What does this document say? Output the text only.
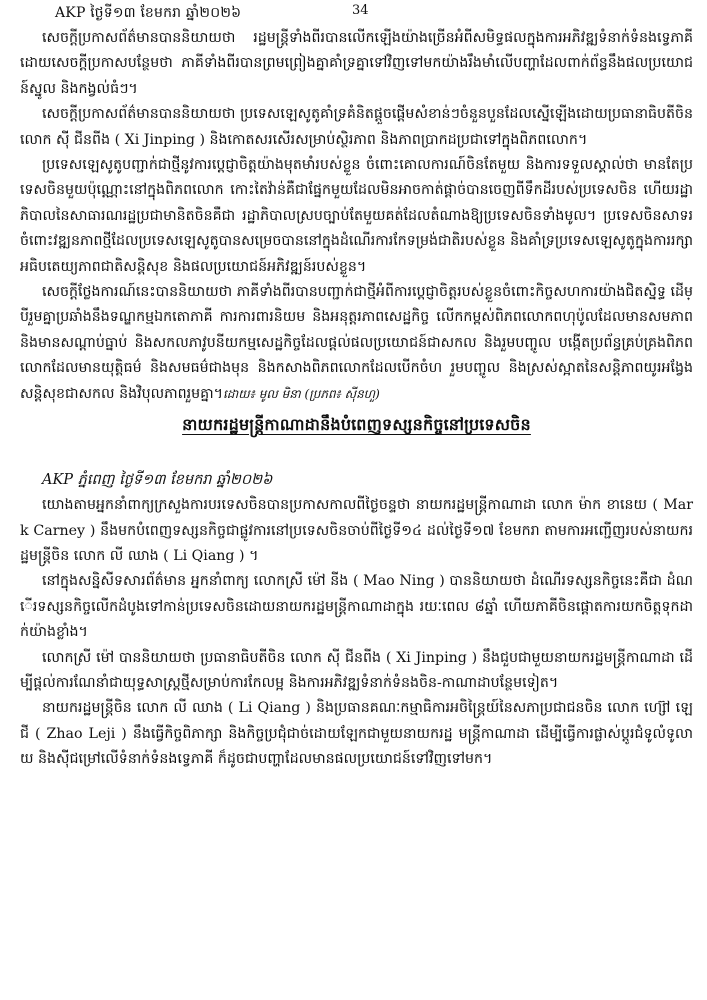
AKP ថ្ងៃទី១៣ ខែមករា ឆ្នាំ២០២៦	34

សេចក្តីប្រកាសព័ត៌មានបាននិយាយថា រដ្ឋមន្ត្រីទាំងពីរបានលើកឡើងយ៉ាងច្រើនអំពីសមិទ្ធផលក្នុងការអភិវឌ្ឍទំនាក់ទំនងទ្វេភាគី ដោយសេចក្តីប្រកាសបន្ថែមថា ភាគីទាំងពីរបានព្រមព្រៀងគ្នាគាំទ្រគ្នាទៅវិញទៅមកយ៉ាងរឹងមាំលើបញ្ហាដែលពាក់ព័ន្ធនឹងផលប្រយោជន៍ស្នូល និងកង្វល់ធំៗ។

សេចក្តីប្រកាសព័ត៌មានបាននិយាយថា ប្រទេសឡេសូតូគាំទ្រគំនិតផ្តួចផ្តើមសំខាន់ៗចំនួនបួនដែលស្នើឡើងដោយប្រធានាធិបតីចិន លោក ស៊ី ជីនពីង ( Xi Jinping ) និងកោតសរសើរសម្រាប់ស្ថិរភាព និងភាពប្រាកដប្រជាទៅក្នុងពិភពលោក។

ប្រទេសឡេសូតូបញ្ជាក់ជាថ្មីនូវការប្តេជ្ញាចិត្តយ៉ាងមុតមាំរបស់ខ្លួន ចំពោះគោលការណ៍ចិនតែមួយ និងការទទួលស្គាល់ថា មានតែប្រទេសចិនមួយប៉ុណ្ណោះនៅក្នុងពិភពលោក កោះតៃវ៉ាន់គឺជាផ្នែកមួយដែលមិនអាចកាត់ផ្តាច់បានចេញពីទឹកដីរបស់ប្រទេសចិន ហើយរដ្ឋាភិបាលនៃសាធារណរដ្ឋប្រជាមានិតចិនគឺជា រដ្ឋាភិបាលស្របច្បាប់តែមួយគត់ដែលតំណាងឱ្យប្រទេសចិនទាំងមូល។ ប្រទេសចិនសាទរចំពោះវឌ្ឍនភាពថ្មីដែលប្រទេសឡេសូតូបានសម្រេចបាននៅក្នុងដំណើរការកែទម្រង់ជាតិរបស់ខ្លួន និងគាំទ្រប្រទេសឡេសូតូក្នុងការរក្សាអធិបតេយ្យភាពជាតិសន្តិសុខ និងផលប្រយោជន៍អភិវឌ្ឍន៍របស់ខ្លួន។

សេចក្តីថ្លែងការណ៍នេះបាននិយាយថា ភាគីទាំងពីរបានបញ្ជាក់ជាថ្មីអំពីការប្តេជ្ញាចិត្តរបស់ខ្លួនចំពោះកិច្ចសហការយ៉ាងជិតស្និទ្ធ ដើម្បីរួមគ្នាប្រឆាំងនឹងទណ្ឌកម្មឯកតោភាគី ការការពារនិយម និងអនុត្តរភាពសេដ្ឋកិច្ច លើកកម្ពស់ពិភពលោកពហុប៉ូលដែលមានសមភាព និងមានសណ្តាប់ធ្នាប់ និងសកលភាវូបនីយកម្មសេដ្ឋកិច្ចដែលផ្តល់ផលប្រយោជន៍ជាសកល និងរួមបញ្ចូល បង្កើតប្រព័ន្ធគ្រប់គ្រងពិភពលោកដែលមានយុត្តិធម៌ និងសមធម៌ជាងមុន និងកសាងពិភពលោកដែលបើកចំហ រួមបញ្ចូល និងស្រស់ស្អាតនៃសន្តិភាពយូរអង្វែង សន្តិសុខជាសកល និងវិបុលភាពរួមគ្នា។ដោយ៖ មូល មិនា (ប្រភព៖ ស៊ីនហួ)

នាយករដ្ឋមន្ត្រីកាណាដានឹងបំពេញទស្សនកិច្ចនៅប្រទេសចិន

AKP ភ្នំពេញ ថ្ងៃទី១៣ ខែមករា ឆ្នាំ២០២៦

យោងតាមអ្នកនាំពាក្យក្រសួងការបរទេសចិនបានប្រកាសកាលពីថ្ងៃចន្ទថា នាយករដ្ឋមន្ត្រីកាណាដា លោក ម៉ាក ខានេយ ( Mark Carney ) នឹងមកបំពេញទស្សនកិច្ចជាផ្លូវការនៅប្រទេសចិនចាប់ពីថ្ងៃទី១៤ ដល់ថ្ងៃទី១៧ ខែមករា តាមការអញ្ជើញរបស់នាយករដ្ឋមន្ត្រីចិន លោក លី ឈាង ( Li Qiang ) ។

នៅក្នុងសន្និសីទសារព័ត៌មាន អ្នកនាំពាក្យ លោកស្រី ម៉ៅ នីង ( Mao Ning ) បាននិយាយថា ដំណើរទស្សនកិច្ចនេះគឺជា ដំណើរទស្សនកិច្ចលើកដំបូងទៅកាន់ប្រទេសចិនដោយនាយករដ្ឋមន្ត្រីកាណាដាក្នុង រយៈពេល ៨ឆ្នាំ ហើយភាគីចិនផ្តោតការយកចិត្តទុកដាក់យ៉ាងខ្លាំង។

លោកស្រី ម៉ៅ បាននិយាយថា ប្រធានាធិបតីចិន លោក ស៊ី ជីនពីង ( Xi Jinping ) នឹងជួបជាមួយនាយករដ្ឋមន្ត្រីកាណាដា ដើម្បីផ្តល់ការណែនាំជាយុទ្ធសាស្ត្រថ្មីសម្រាប់ការកែលម្អ និងការអភិវឌ្ឍទំនាក់ទំនងចិន-កាណាដាបន្ថែមទៀត។

នាយករដ្ឋមន្ត្រីចិន លោក លី ឈាង ( Li Qiang ) និងប្រធានគណៈកម្មាធិការអចិន្ត្រៃយ៍នៃសភាប្រជាជនចិន លោក ហ្ស៊ៅ ឡេជី ( Zhao Leji ) នឹងធ្វើកិច្ចពិភាក្សា និងកិច្ចប្រជុំជាច់ដោយឡែកជាមួយនាយករដ្ឋ មន្ត្រីកាណាដា ដើម្បីធ្វើការផ្លាស់ប្តូរជំទូលំទូលាយ និងស៊ីជម្រៅលើទំនាក់ទំនងទ្វេភាគី ក៏ដូចជាបញ្ហាដែលមានផលប្រយោជន៍ទៅវិញទៅមក។
